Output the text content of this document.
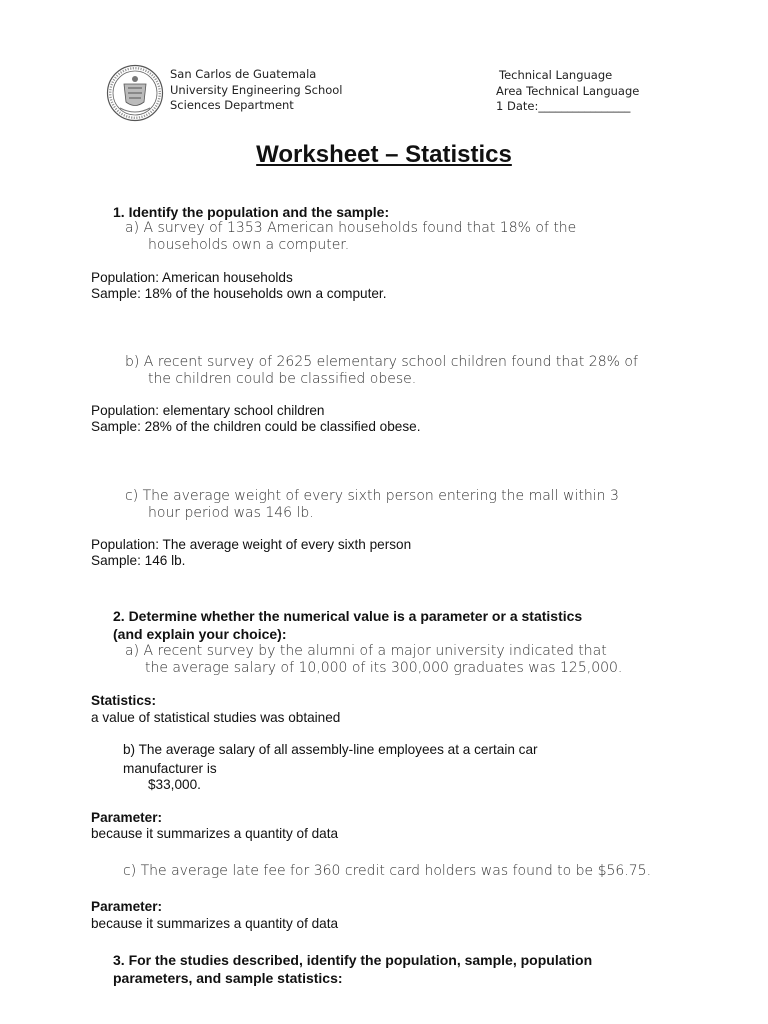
San Carlos de Guatemala
University Engineering School
Sciences Department
Technical Language
Area Technical Language
1 Date:________________
Worksheet – Statistics
1. Identify the population and the sample:
a) A survey of 1353 American households found that 18% of the
households own a computer.
Population: American households
Sample: 18% of the households own a computer.
b) A recent survey of 2625 elementary school children found that 28% of
the children could be classified obese.
Population: elementary school children
Sample: 28% of the children could be classified obese.
c) The average weight of every sixth person entering the mall within 3
hour period was 146 lb.
Population: The average weight of every sixth person
Sample: 146 lb.
2. Determine whether the numerical value is a parameter or a statistics
(and explain your choice):
a) A recent survey by the alumni of a major university indicated that
the average salary of 10,000 of its 300,000 graduates was 125,000.
Statistics:
a value of statistical studies was obtained
b) The average salary of all assembly-line employees at a certain car
manufacturer is
$33,000.
Parameter:
because it summarizes a quantity of data
c) The average late fee for 360 credit card holders was found to be $56.75.
Parameter:
because it summarizes a quantity of data
3. For the studies described, identify the population, sample, population
parameters, and sample statistics:
